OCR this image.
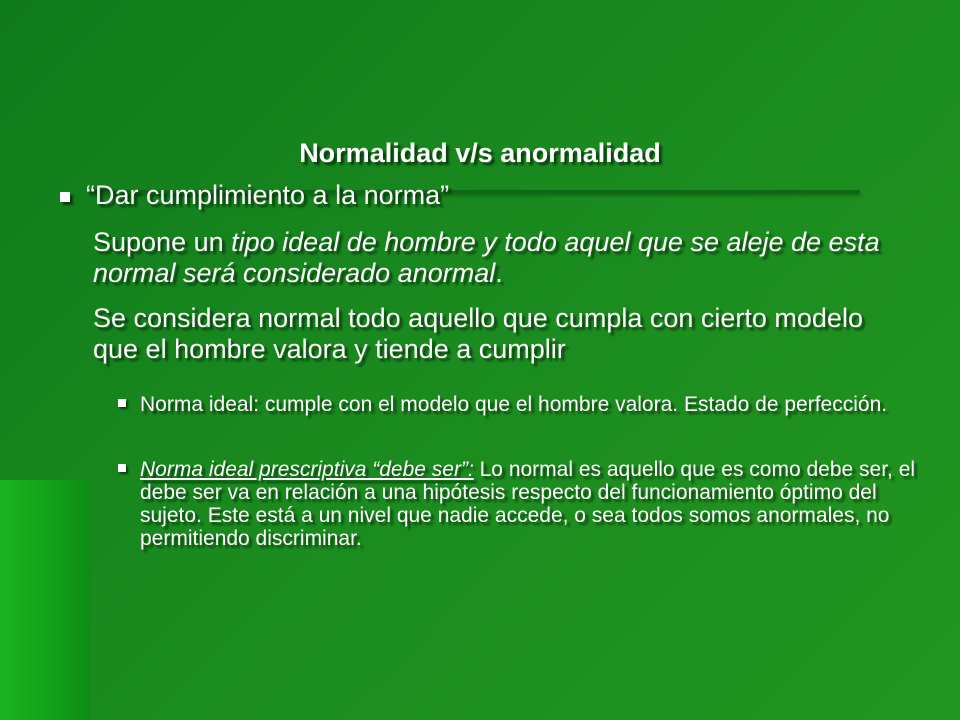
Normalidad v/s anormalidad
“Dar cumplimiento a la norma”
Supone un tipo ideal de hombre y todo aquel que se aleje de esta normal será considerado anormal.
Se considera normal todo aquello que cumpla con cierto modelo que el hombre valora y tiende a cumplir
Norma ideal: cumple con el modelo que el hombre valora. Estado de perfección.
Norma ideal prescriptiva “debe ser”: Lo normal es aquello que es como debe ser, el debe ser va en relación a una hipótesis respecto del funcionamiento óptimo del sujeto. Este está a un nivel que nadie accede, o sea todos somos anormales, no permitiendo discriminar.
